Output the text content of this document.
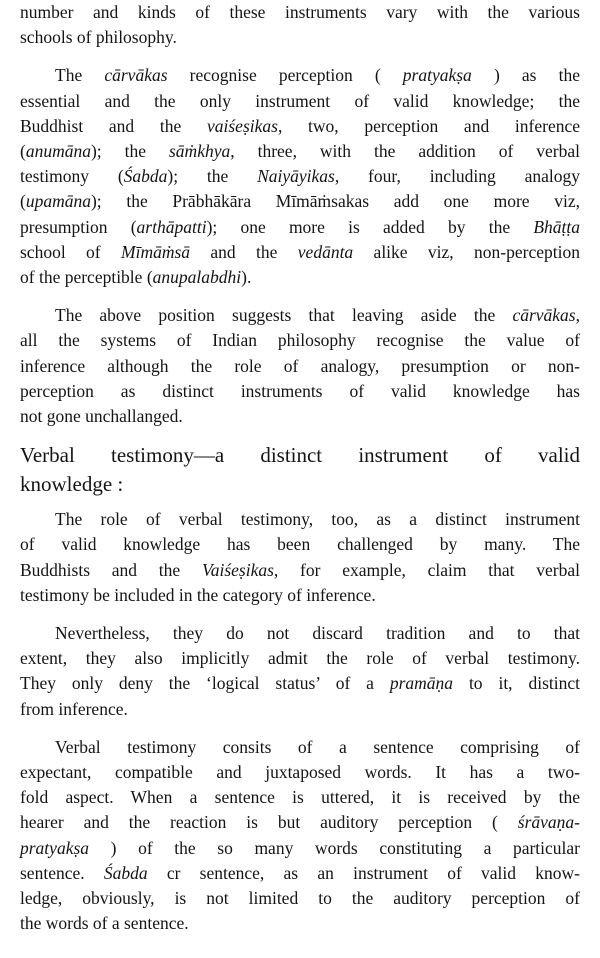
number and kinds of these instruments vary with the various
schools of philosophy.
The cārvākas recognise perception ( pratyakṣa ) as the
essential and the only instrument of valid knowledge; the
Buddhist and the vaiśeṣikas, two, perception and inference
(anumāna); the sāṁkhya, three, with the addition of verbal
testimony (Śabda); the Naiyāyikas, four, including analogy
(upamāna); the Prābhākāra Mīmāṁsakas add one more viz,
presumption (arthāpatti); one more is added by the Bhāṭṭa
school of Mīmāṁsā and the vedānta alike viz, non-perception
of the perceptible (anupalabdhi).
The above position suggests that leaving aside the cārvākas,
all the systems of Indian philosophy recognise the value of
inference although the role of analogy, presumption or non-
perception as distinct instruments of valid knowledge has
not gone unchallanged.
Verbal testimony—a distinct instrument of valid
knowledge :
The role of verbal testimony, too, as a distinct instrument
of valid knowledge has been challenged by many. The
Buddhists and the Vaiśeṣikas, for example, claim that verbal
testimony be included in the category of inference.
Nevertheless, they do not discard tradition and to that
extent, they also implicitly admit the role of verbal testimony.
They only deny the ‘logical status’ of a pramāṇa to it, distinct
from inference.
Verbal testimony consits of a sentence comprising of
expectant, compatible and juxtaposed words. It has a two-
fold aspect. When a sentence is uttered, it is received by the
hearer and the reaction is but auditory perception ( śrāvaṇa-
pratyakṣa ) of the so many words constituting a particular
sentence. Śabda cr sentence, as an instrument of valid know-
ledge, obviously, is not limited to the auditory perception of
the words of a sentence.
